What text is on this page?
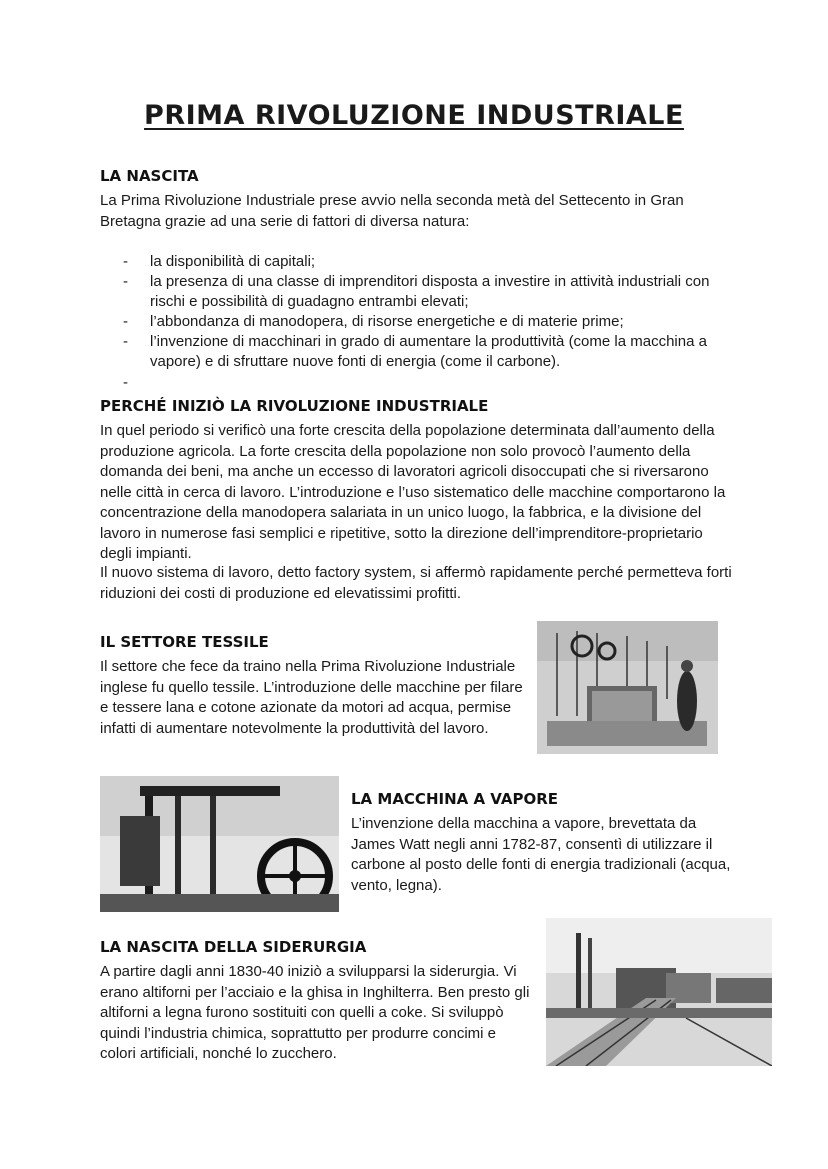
PRIMA RIVOLUZIONE INDUSTRIALE
LA NASCITA
La Prima Rivoluzione Industriale prese avvio nella seconda metà del Settecento in Gran Bretagna grazie ad una serie di fattori di diversa natura:
- la disponibilità di capitali;
- la presenza di una classe di imprenditori disposta a investire in attività industriali con rischi e possibilità di guadagno entrambi elevati;
- l’abbondanza di manodopera, di risorse energetiche e di materie prime;
- l’invenzione di macchinari in grado di aumentare la produttività (come la macchina a vapore) e di sfruttare nuove fonti di energia (come il carbone).
-
PERCHÉ INIZIÒ LA RIVOLUZIONE INDUSTRIALE
In quel periodo si verificò una forte crescita della popolazione determinata dall’aumento della produzione agricola. La forte crescita della popolazione non solo provocò l’aumento della domanda dei beni, ma anche un eccesso di lavoratori agricoli disoccupati che si riversarono nelle città in cerca di lavoro. L’introduzione e l’uso sistematico delle macchine comportarono la concentrazione della manodopera salariata in un unico luogo, la fabbrica, e la divisione del lavoro in numerose fasi semplici e ripetitive, sotto la direzione dell’imprenditore-proprietario degli impianti.
Il nuovo sistema di lavoro, detto factory system, si affermò rapidamente perché permetteva forti riduzioni dei costi di produzione ed elevatissimi profitti.
IL SETTORE TESSILE
Il settore che fece da traino nella Prima Rivoluzione Industriale inglese fu quello tessile. L’introduzione delle macchine per filare e tessere lana e cotone azionate da motori ad acqua, permise infatti di aumentare notevolmente la produttività del lavoro.
LA MACCHINA A VAPORE
L’invenzione della macchina a vapore, brevettata da James Watt negli anni 1782-87, consentì di utilizzare il carbone al posto delle fonti di energia tradizionali (acqua, vento, legna).
LA NASCITA DELLA SIDERURGIA
A partire dagli anni 1830-40 iniziò a svilupparsi la siderurgia. Vi erano altiforni per l’acciaio e la ghisa in Inghilterra. Ben presto gli altiforni a legna furono sostituiti con quelli a coke. Si sviluppò quindi l’industria chimica, soprattutto per produrre concimi e colori artificiali, nonché lo zucchero.
